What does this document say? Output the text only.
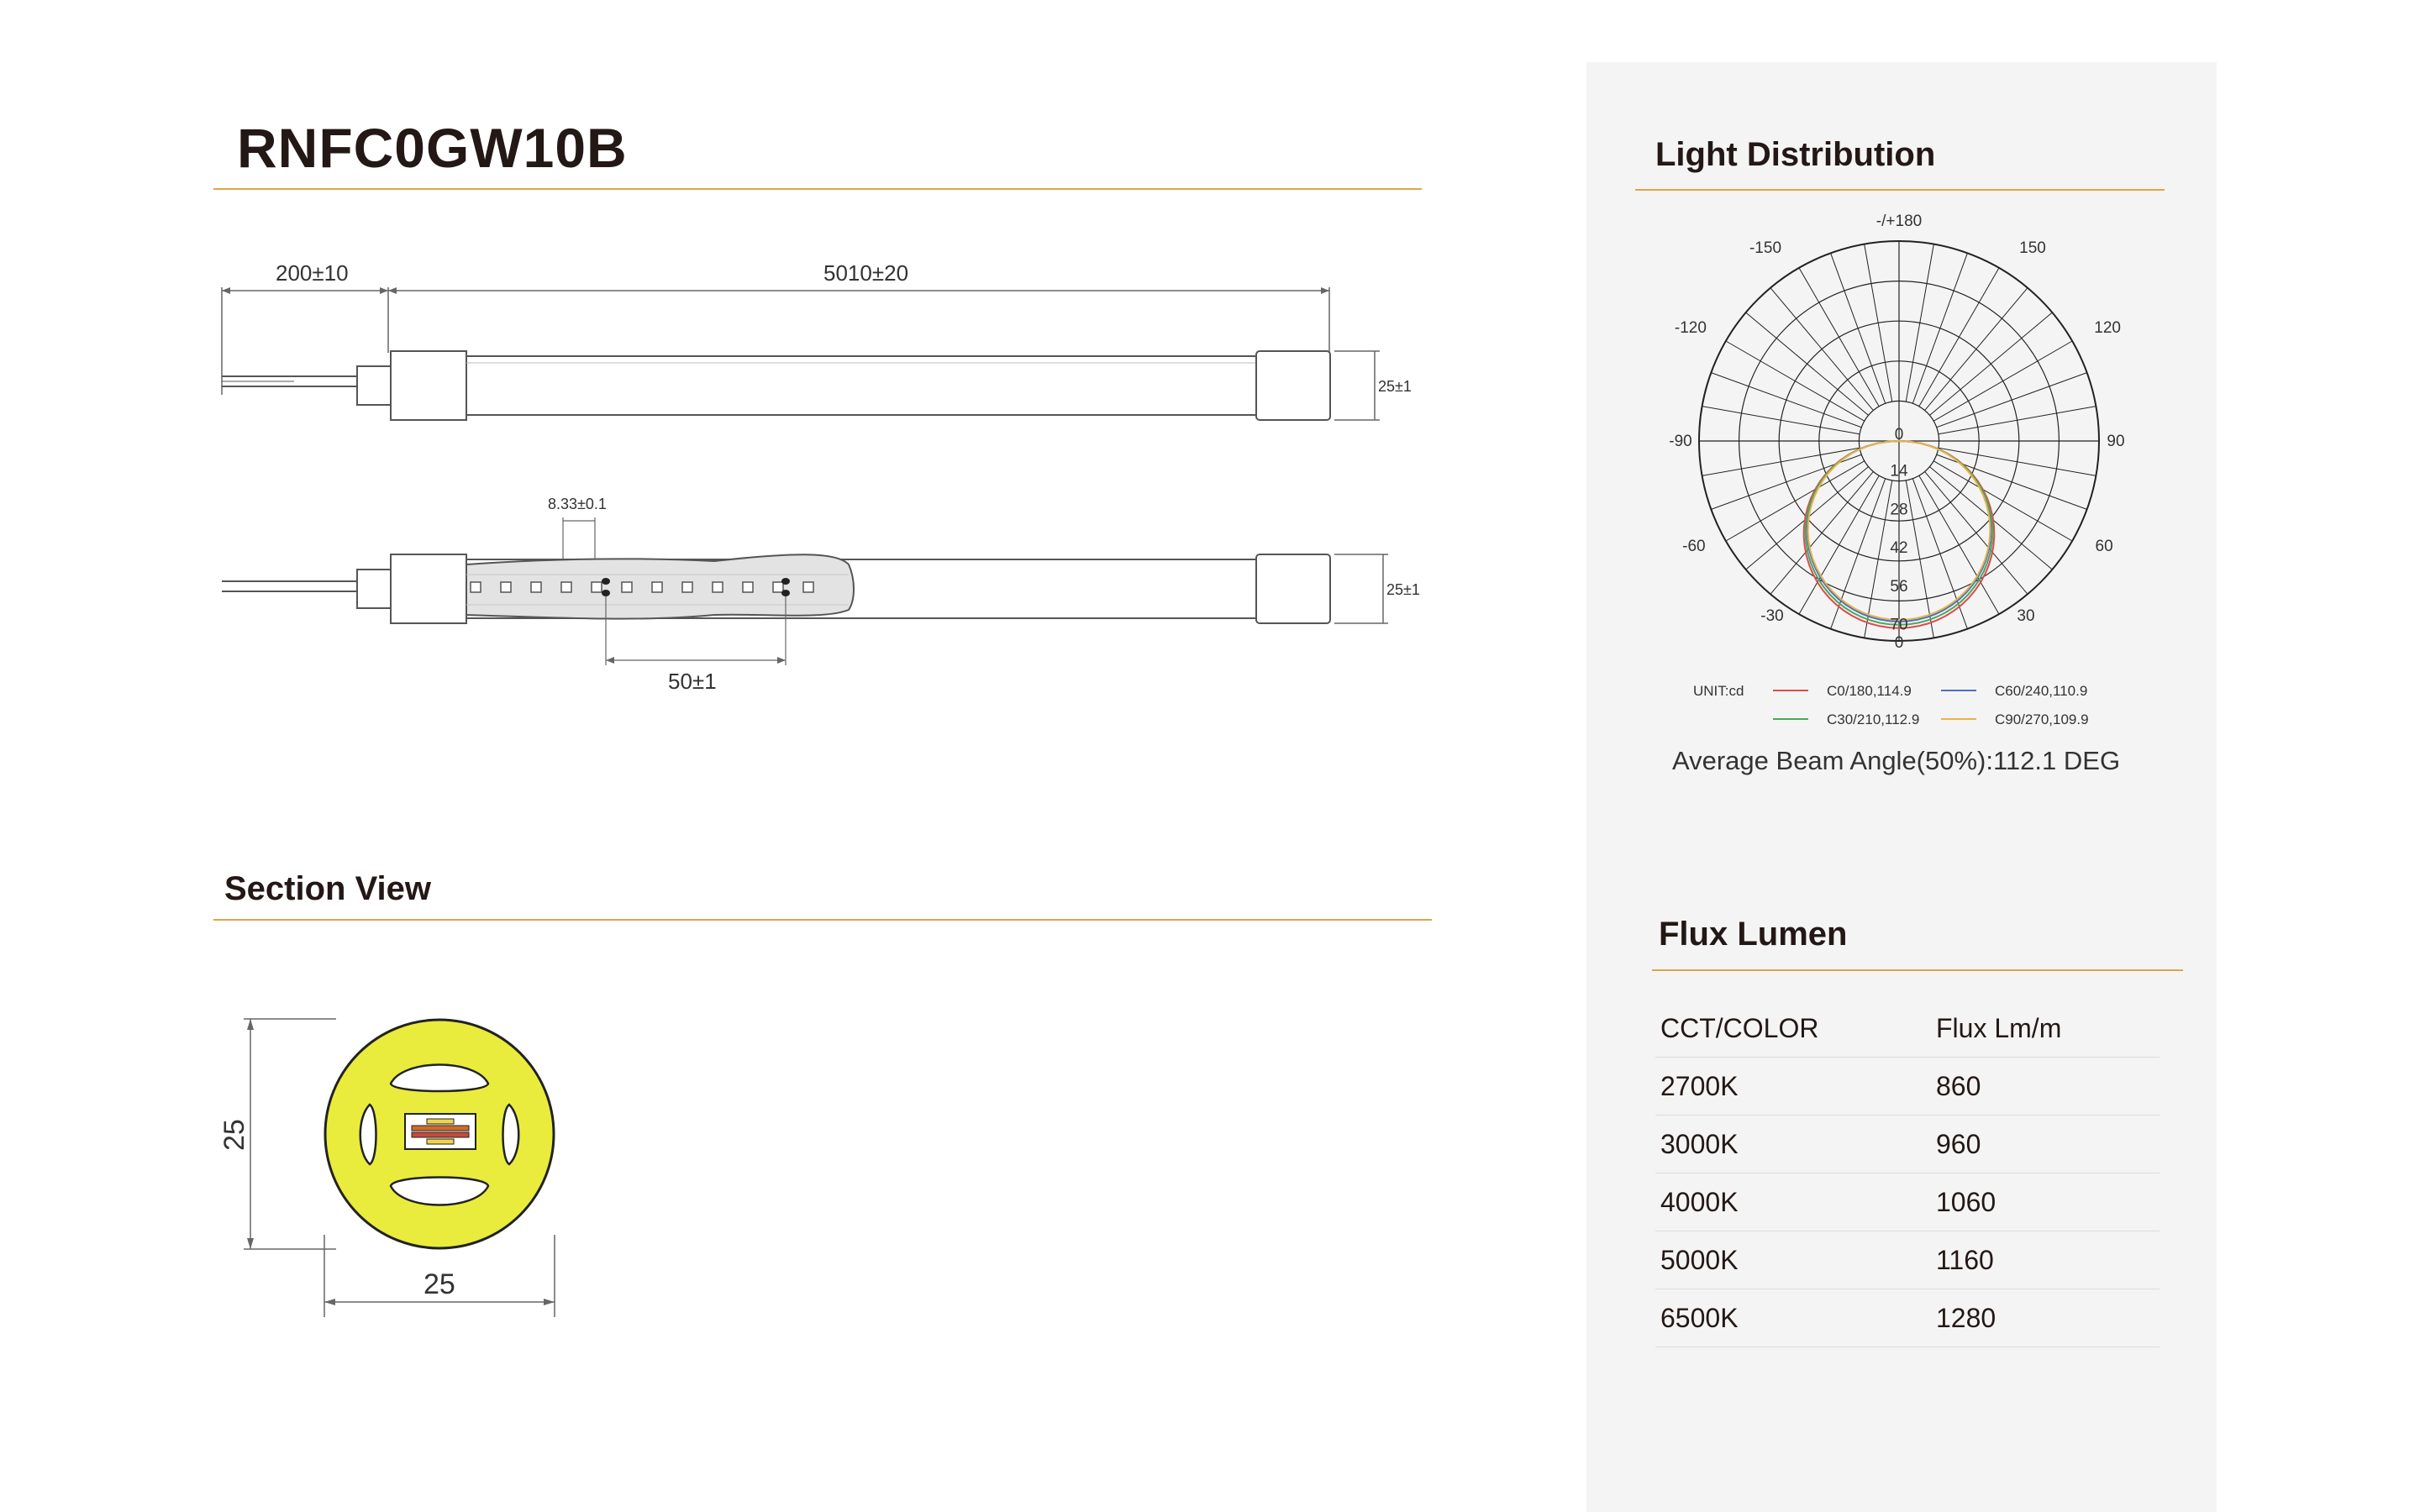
RNFC0GW10B
200±10	5010±20
25±1
8.33±0.1
25±1
50±1
Section View
25
25
Light Distribution
-/+180
150
-150
120
-120
90
-90
60
-60
30
-30
0
0
14
28
42
56
70
UNIT:cd	C0/180,114.9	C60/240,110.9
C30/210,112.9	C90/270,109.9
Average Beam Angle(50%):112.1 DEG
Flux Lumen
CCT/COLOR	Flux Lm/m
2700K	860
3000K	960
4000K	1060
5000K	1160
6500K	1280
